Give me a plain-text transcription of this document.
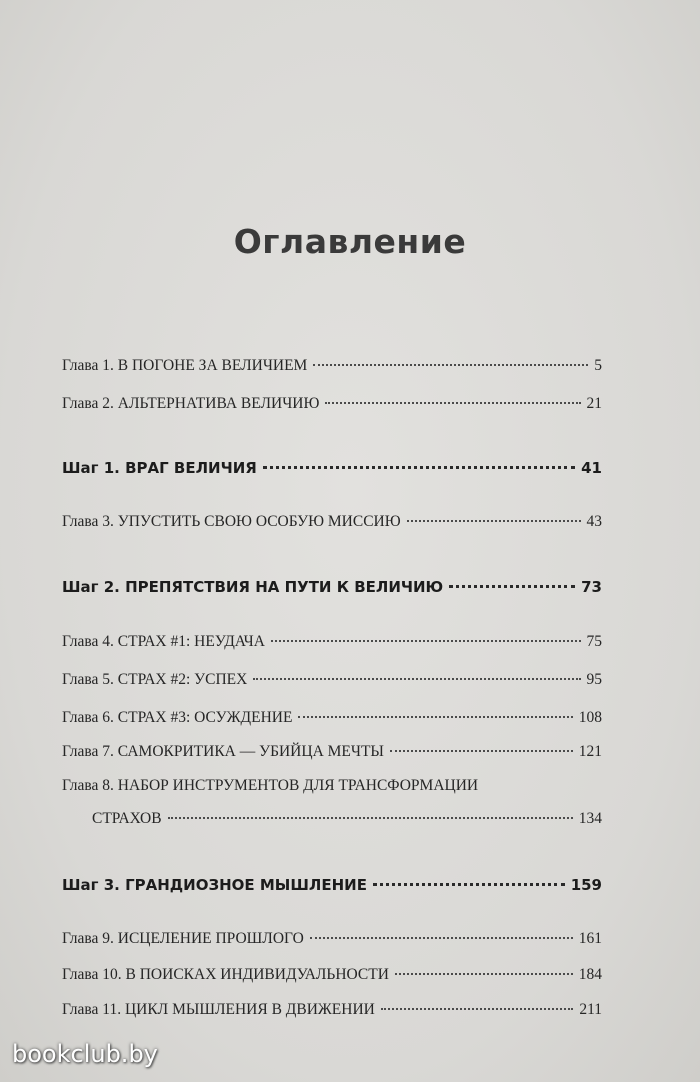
Оглавление
Глава 1. В ПОГОНЕ ЗА ВЕЛИЧИЕМ	5
Глава 2. АЛЬТЕРНАТИВА ВЕЛИЧИЮ	21
Шаг 1. ВРАГ ВЕЛИЧИЯ	41
Глава 3. УПУСТИТЬ СВОЮ ОСОБУЮ МИССИЮ	43
Шаг 2. ПРЕПЯТСТВИЯ НА ПУТИ К ВЕЛИЧИЮ	73
Глава 4. СТРАХ #1: НЕУДАЧА	75
Глава 5. СТРАХ #2: УСПЕХ	95
Глава 6. СТРАХ #3: ОСУЖДЕНИЕ	108
Глава 7. САМОКРИТИКА — УБИЙЦА МЕЧТЫ	121
Глава 8. НАБОР ИНСТРУМЕНТОВ ДЛЯ ТРАНСФОРМАЦИИ
СТРАХОВ	134
Шаг 3. ГРАНДИОЗНОЕ МЫШЛЕНИЕ	159
Глава 9. ИСЦЕЛЕНИЕ ПРОШЛОГО	161
Глава 10. В ПОИСКАХ ИНДИВИДУАЛЬНОСТИ	184
Глава 11. ЦИКЛ МЫШЛЕНИЯ В ДВИЖЕНИИ	211
bookclub.by
